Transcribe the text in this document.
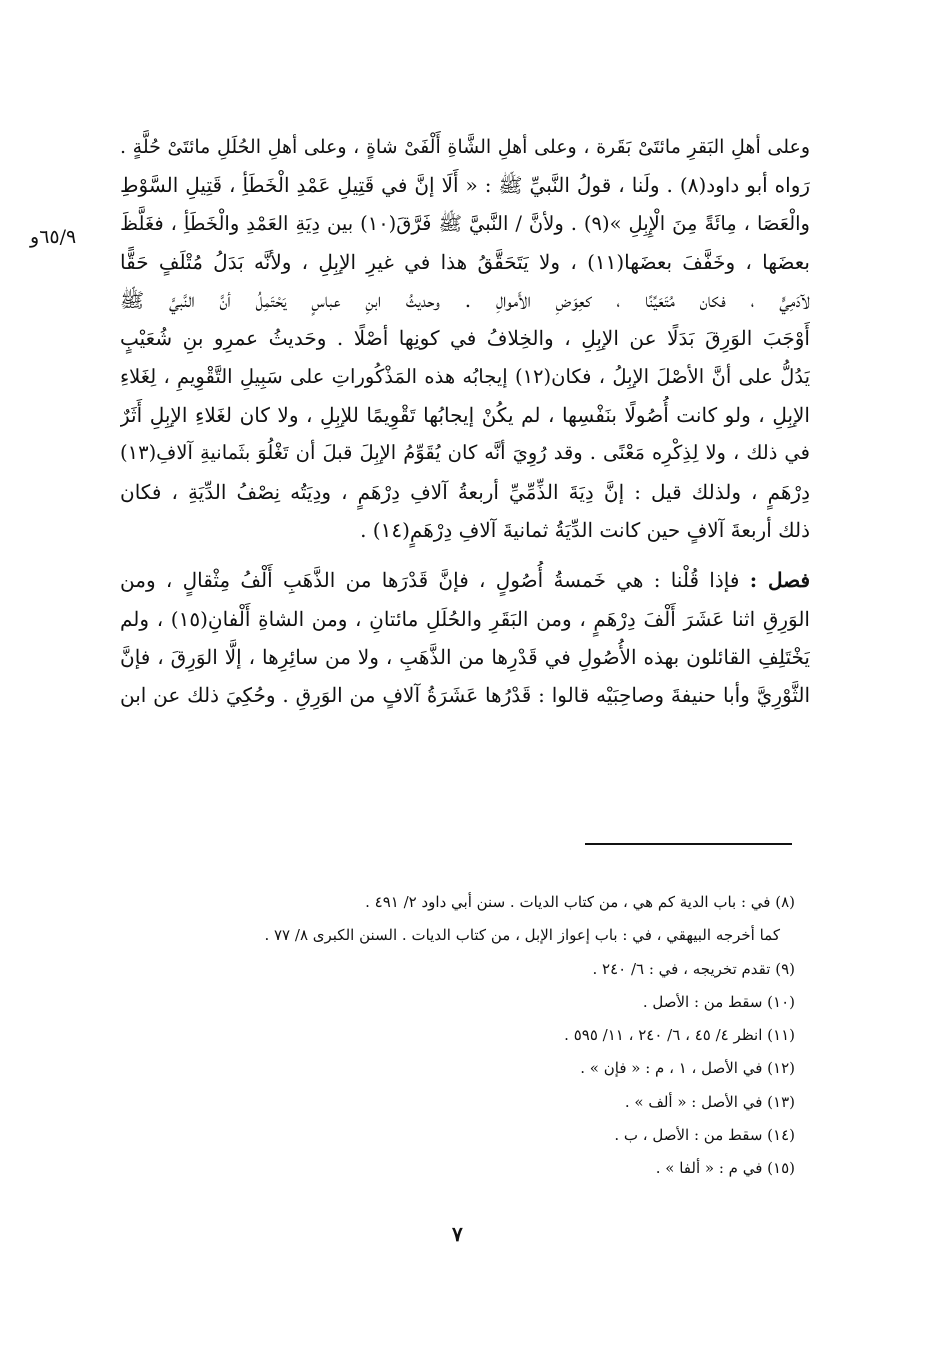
٦٥/٩و
وعلى أهلِ البَقرِ مائتَىْ بَقَرة ، وعلى أهلِ الشَّاةِ أَلْفَىْ شاةٍ ، وعلى أهلِ الحُلَلِ مائتَىْ حُلَّةٍ .
رَواه أبو داود(٨) . ولَنا ، قولُ النَّبيِّ ﷺ : « أَلَا إنَّ في قَتِيلِ عَمْدِ الْخَطَأِ ، قَتِيلِ السَّوْطِ
والْعَصَا ، مِائَةً مِنَ الْإِبِلِ »(٩) . ولأنَّ / النَّبيَّ ﷺ فَرَّقَ(١٠) بين دِيَةِ العَمْدِ والْخَطَأِ ، فغَلَّظَ
بعضَها ، وخَفَّفَ بعضَها(١١) ، ولا يَتَحَقَّقُ هذا في غيرِ الإبِلِ ، ولأنَّه بَدَلُ مُتْلَفٍ حَقًّا
لآدَمِيٍّ ، فكان مُتَعَيِّنًا ، كعِوَضِ الأَموالِ . وحديثُ ابنِ عباسٍ يَحْتَمِلُ أنَّ النَّبيَّ ﷺ
أَوْجَبَ الوَرِقَ بَدَلًا عن الإبِلِ ، والخِلافُ في كونِها أصْلًا . وحَديثُ عمرِو بنِ شُعَيْبٍ
يَدُلُّ على أنَّ الأصْلَ الإبِلُ ، فكان(١٢) إيجابُه هذه المَذْكُوراتِ على سَبِيلِ التَّقْوِيمِ ، لِغَلاءِ
الإبِلِ ، ولو كانت أُصُولًا بنَفْسِها ، لم يكُنْ إيجابُها تَقْوِيمًا للإبِلِ ، ولا كان لغَلاءِ الإبِلِ أَثَرٌ
في ذلك ، ولا لِذِكْرِه مَعْنًى . وقد رُوِيَ أنَّه كان يُقَوِّمُ الإبِلَ قبلَ أن تَغْلُوَ بثَمانيةِ آلافِ(١٣)
دِرْهَمٍ ، ولذلك قيل : إنَّ دِيَةَ الذِّمِّيِّ أربعةُ آلافِ دِرْهَمٍ ، ودِيَتُه نِصْفُ الدِّيَةِ ، فكان
ذلك أربعةَ آلافٍ حين كانت الدِّيَةُ ثمانيةَ آلافِ دِرْهَمٍ(١٤) .
فصل : فإذا قُلْنا : هي خَمسةُ أُصُولٍ ، فإنَّ قَدْرَها من الذَّهَبِ أَلْفُ مِثْقالٍ ، ومن
الوَرِقِ اثنا عَشَرَ أَلْفَ دِرْهَمٍ ، ومن البَقَرِ والحُلَلِ مائتانِ ، ومن الشاةِ أَلْفانِ(١٥) ، ولم
يَخْتَلِفِ القائلون بهذه الأُصُولِ في قَدْرِها من الذَّهَبِ ، ولا من سائِرِها ، إلَّا الوَرِقَ ، فإنَّ
الثَّوْرِيَّ وأبا حنيفةَ وصاحِبَيْه قالوا : قَدْرُها عَشَرَةُ آلافٍ من الوَرِقِ . وحُكِيَ ذلك عن ابن
(٨) في : باب الدية كم هي ، من كتاب الديات . سنن أبي داود ٢/ ٤٩١ .
كما أخرجه البيهقي ، في : باب إعواز الإبل ، من كتاب الديات . السنن الكبرى ٨/ ٧٧ .
(٩) تقدم تخريجه ، في : ٦/ ٢٤٠ .
(١٠) سقط من : الأصل .
(١١) انظر ٤/ ٤٥ ، ٦/ ٢٤٠ ، ١١/ ٥٩٥ .
(١٢) في الأصل ، ١ ، م : « فإن » .
(١٣) في الأصل : « ألف » .
(١٤) سقط من : الأصل ، ب .
(١٥) في م : « ألفا » .
٧
